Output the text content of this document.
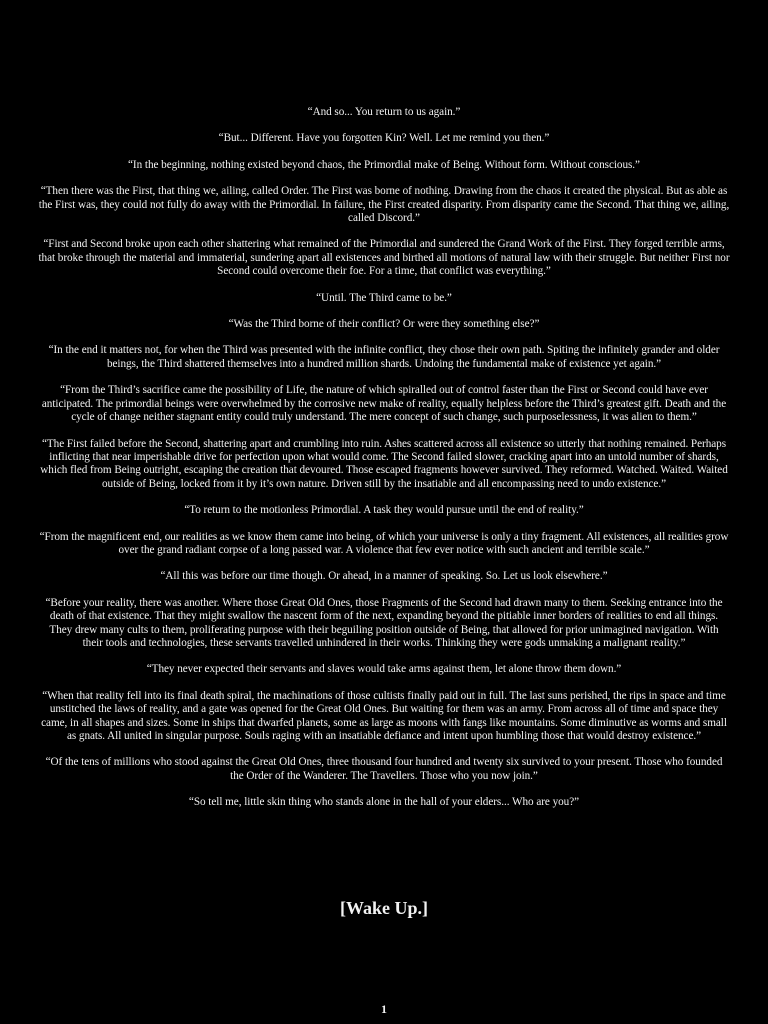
“And so... You return to us again.”

“But... Different. Have you forgotten Kin? Well. Let me remind you then.”

“In the beginning, nothing existed beyond chaos, the Primordial make of Being. Without form. Without conscious.”

“Then there was the First, that thing we, ailing, called Order. The First was borne of nothing. Drawing from the chaos it created the physical. But as able as the First was, they could not fully do away with the Primordial. In failure, the First created disparity. From disparity came the Second. That thing we, ailing, called Discord.”

“First and Second broke upon each other shattering what remained of the Primordial and sundered the Grand Work of the First. They forged terrible arms, that broke through the material and immaterial, sundering apart all existences and birthed all motions of natural law with their struggle. But neither First nor Second could overcome their foe. For a time, that conflict was everything.”

“Until. The Third came to be.”

“Was the Third borne of their conflict? Or were they something else?”

“In the end it matters not, for when the Third was presented with the infinite conflict, they chose their own path. Spiting the infinitely grander and older beings, the Third shattered themselves into a hundred million shards. Undoing the fundamental make of existence yet again.”

“From the Third’s sacrifice came the possibility of Life, the nature of which spiralled out of control faster than the First or Second could have ever anticipated. The primordial beings were overwhelmed by the corrosive new make of reality, equally helpless before the Third’s greatest gift. Death and the cycle of change neither stagnant entity could truly understand. The mere concept of such change, such purposelessness, it was alien to them.”

“The First failed before the Second, shattering apart and crumbling into ruin. Ashes scattered across all existence so utterly that nothing remained. Perhaps inflicting that near imperishable drive for perfection upon what would come. The Second failed slower, cracking apart into an untold number of shards, which fled from Being outright, escaping the creation that devoured. Those escaped fragments however survived. They reformed. Watched. Waited. Waited outside of Being, locked from it by it’s own nature. Driven still by the insatiable and all encompassing need to undo existence.”

“To return to the motionless Primordial. A task they would pursue until the end of reality.”

“From the magnificent end, our realities as we know them came into being, of which your universe is only a tiny fragment. All existences, all realities grow over the grand radiant corpse of a long passed war. A violence that few ever notice with such ancient and terrible scale.”

“All this was before our time though. Or ahead, in a manner of speaking. So. Let us look elsewhere.”

“Before your reality, there was another. Where those Great Old Ones, those Fragments of the Second had drawn many to them. Seeking entrance into the death of that existence. That they might swallow the nascent form of the next, expanding beyond the pitiable inner borders of realities to end all things. They drew many cults to them, proliferating purpose with their beguiling position outside of Being, that allowed for prior unimagined navigation. With their tools and technologies, these servants travelled unhindered in their works. Thinking they were gods unmaking a malignant reality.”

“They never expected their servants and slaves would take arms against them, let alone throw them down.”

“When that reality fell into its final death spiral, the machinations of those cultists finally paid out in full. The last suns perished, the rips in space and time unstitched the laws of reality, and a gate was opened for the Great Old Ones. But waiting for them was an army. From across all of time and space they came, in all shapes and sizes. Some in ships that dwarfed planets, some as large as moons with fangs like mountains. Some diminutive as worms and small as gnats. All united in singular purpose. Souls raging with an insatiable defiance and intent upon humbling those that would destroy existence.”

“Of the tens of millions who stood against the Great Old Ones, three thousand four hundred and twenty six survived to your present. Those who founded the Order of the Wanderer. The Travellers. Those who you now join.”

“So tell me, little skin thing who stands alone in the hall of your elders... Who are you?”

[Wake Up.]
1
